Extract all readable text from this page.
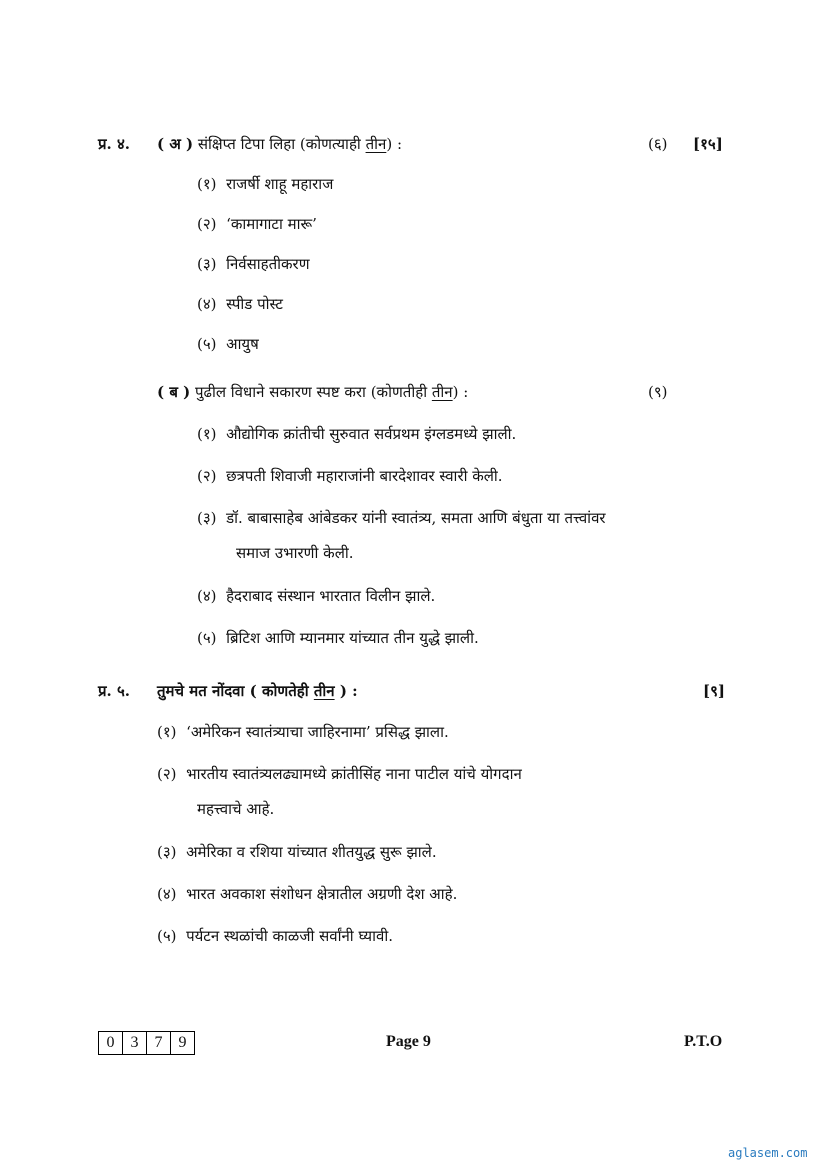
प्र. ४. ( अ ) संक्षिप्त टिपा लिहा (कोणत्याही तीन) :	(६) [१५]
(१) राजर्षी शाहू महाराज
(२) ‘कामागाटा मारू’
(३) निर्वसाहतीकरण
(४) स्पीड पोस्ट
(५) आयुष
( ब ) पुढील विधाने सकारण स्पष्ट करा (कोणतीही तीन) :	(९)
(१) औद्योगिक क्रांतीची सुरुवात सर्वप्रथम इंग्लडमध्ये झाली.
(२) छत्रपती शिवाजी महाराजांनी बारदेशावर स्वारी केली.
(३) डॉ. बाबासाहेब आंबेडकर यांनी स्वातंत्र्य, समता आणि बंधुता या तत्त्वांवर
समाज उभारणी केली.
(४) हैदराबाद संस्थान भारतात विलीन झाले.
(५) ब्रिटिश आणि म्यानमार यांच्यात तीन युद्धे झाली.
प्र. ५. तुमचे मत नोंदवा ( कोणतेही तीन ) :	[९]
(१) ‘अमेरिकन स्वातंत्र्याचा जाहिरनामा’ प्रसिद्ध झाला.
(२) भारतीय स्वातंत्र्यलढ्यामध्ये क्रांतीसिंह नाना पाटील यांचे योगदान
महत्त्वाचे आहे.
(३) अमेरिका व रशिया यांच्यात शीतयुद्ध सुरू झाले.
(४) भारत अवकाश संशोधन क्षेत्रातील अग्रणी देश आहे.
(५) पर्यटन स्थळांची काळजी सर्वांनी घ्यावी.
0	3	7	9	Page 9	P.T.O
aglasem.com
